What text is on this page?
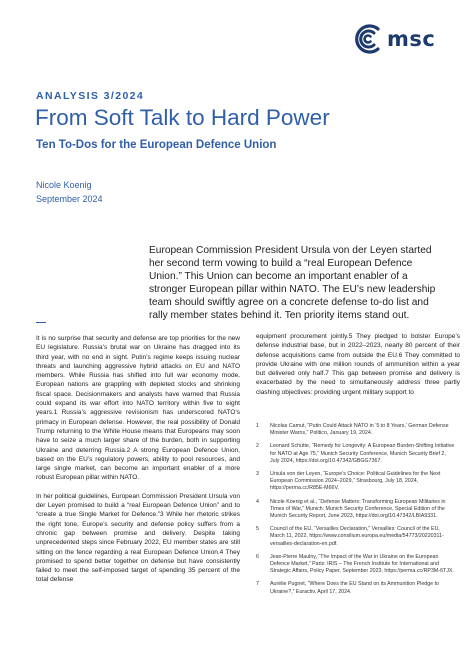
msc
ANALYSIS 3/2024
From Soft Talk to Hard Power
Ten To-Dos for the European Defence Union
Nicole Koenig
September 2024

European Commission President Ursula von der Leyen started her second term vowing to build a “real European Defence Union.” This Union can become an important enabler of a stronger European pillar within NATO. The EU’s new leadership team should swiftly agree on a concrete defense to-do list and rally member states behind it. Ten priority items stand out.

It is no surprise that security and defense are top priorities for the new EU legislature. Russia’s brutal war on Ukraine has dragged into its third year, with no end in sight. Putin’s regime keeps issuing nuclear threats and launching aggressive hybrid attacks on EU and NATO members. While Russia has shifted into full war economy mode, European nations are grappling with depleted stocks and shrinking fiscal space. Decisionmakers and analysts have warned that Russia could expand its war effort into NATO territory within five to eight years.1 Russia’s aggressive revisionism has underscored NATO’s primacy in European defense. However, the real possibility of Donald Trump returning to the White House means that Europeans may soon have to seize a much larger share of the burden, both in supporting Ukraine and deterring Russia.2 A strong European Defence Union, based on the EU’s regulatory powers, ability to pool resources, and large single market, can become an important enabler of a more robust European pillar within NATO.

In her political guidelines, European Commission President Ursula von der Leyen promised to build a “real European Defence Union” and to “create a true Single Market for Defence.”3 While her rhetoric strikes the right tone, Europe’s security and defense policy suffers from a chronic gap between promise and delivery. Despite taking unprecedented steps since February 2022, EU member states are still sitting on the fence regarding a real European Defence Union.4 They promised to spend better together on defense but have consistently failed to meet the self-imposed target of spending 35 percent of the total defense

equipment procurement jointly.5 They pledged to bolster Europe’s defense industrial base, but in 2022–2023, nearly 80 percent of their defense acquisitions came from outside the EU.6 They committed to provide Ukraine with one million rounds of ammunition within a year but delivered only half.7 This gap between promise and delivery is exacerbated by the need to simultaneously address three partly clashing objectives: providing urgent military support to

1	Nicolas Camut, “Putin Could Attack NATO in ‘5 to 8 Years,’ German Defense Minister Warns,” Politico, January 19, 2024.
2	Leonard Schütte, “Remedy for Longevity: A European Burden-Shifting Initiative for NATO at Age 75,” Munich Security Conference, Munich Security Brief 2, July 2024, https://doi.org/10.47342/GBGG7367.
3	Ursula von der Leyen, “Europe’s Choice: Political Guidelines for the Next European Commission 2024–2029,” Strasbourg, July 18, 2024, https://perma.cc/R85E-M66V.
4	Nicole Koenig et al., “Defense Matters: Transforming European Militaries in Times of War,” Munich: Munich Security Conference, Special Edition of the Munich Security Report, June 2023, https://doi.org/10.47342/LBIA9331.
5	Council of the EU, “Versailles Declaration,” Versailles: Council of the EU, March 11, 2022, https://www.consilium.europa.eu/media/54773/20220311-versailles-declaration-en.pdf.
6	Jean-Pierre Maulny, “The Impact of the War in Ukraine on the European Defence Market,” Paris: IRIS – The French Institute for International and Strategic Affairs, Policy Paper, September 2023, https://perma.cc/RP3M-6TJX.
7	Aurélie Pugnet, “Where Does the EU Stand on its Ammunition Pledge to Ukraine?,” Euractiv, April 17, 2024.
